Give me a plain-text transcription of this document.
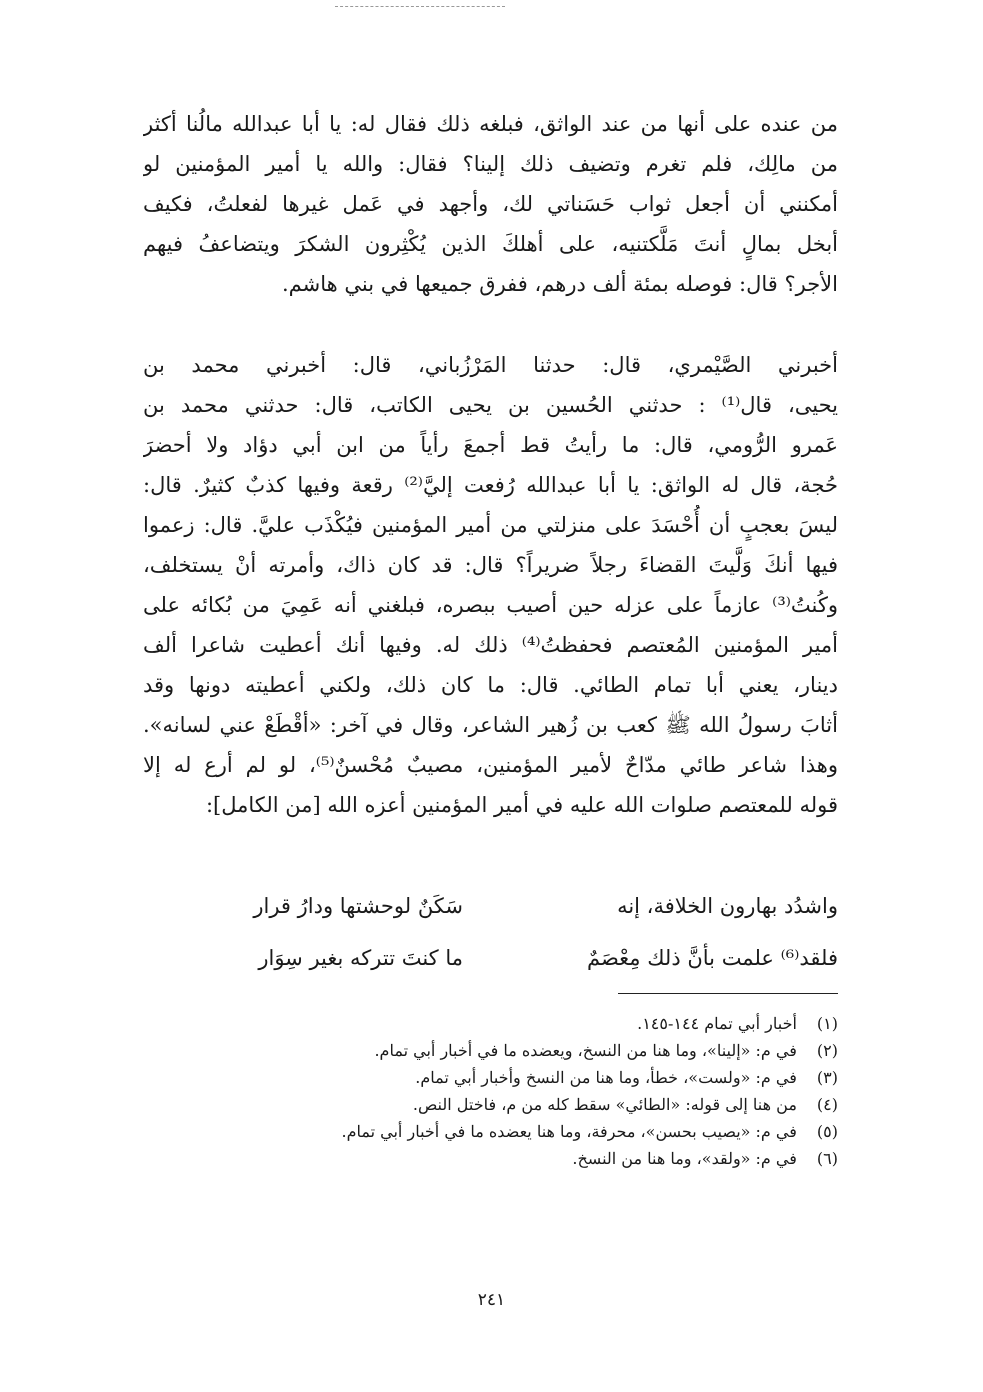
من عنده على أنها من عند الواثق، فبلغه ذلك فقال له: يا أبا عبدالله مالُنا أكثر
من مالِك، فلم تغرم وتضيف ذلك إلينا؟ فقال: والله يا أمير المؤمنين لو
أمكنني أن أجعل ثواب حَسَناتي لك، وأجهد في عَمل غيرها لفعلتُ، فكيف
أبخل بمالٍ أنتَ مَلَّكتنيه، على أهلكَ الذين يُكْثِرون الشكرَ ويتضاعفُ فيهم
الأجر؟ قال: فوصله بمئة ألف درهم، ففرق جميعها في بني هاشم.
أخبرني الصَّيْمري، قال: حدثنا المَرْزُباني، قال: أخبرني محمد بن
يحيى، قال⁽¹⁾ : حدثني الحُسين بن يحيى الكاتب، قال: حدثني محمد بن
عَمرو الرُّومي، قال: ما رأيتُ قط أجمعَ رأياً من ابن أبي دؤاد ولا أحضرَ
حُجة، قال له الواثق: يا أبا عبدالله رُفعت إليَّ⁽²⁾ رقعة وفيها كذبٌ كثيرٌ. قال:
ليسَ بعجبٍ أن أُحْسَدَ على منزلتي من أمير المؤمنين فيُكْذَب عليَّ. قال: زعموا
فيها أنكَ وَلَّيتَ القضاءَ رجلاً ضريراً؟ قال: قد كان ذاك، وأمرته أنْ يستخلف،
وكُنتُ⁽³⁾ عازماً على عزله حين أصيب ببصره، فبلغني أنه عَمِيَ من بُكائه على
أمير المؤمنين المُعتصم فحفظتُ⁽⁴⁾ ذلك له. وفيها أنك أعطيت شاعرا ألف
دينار، يعني أبا تمام الطائي. قال: ما كان ذلك، ولكني أعطيته دونها وقد
أثابَ رسولُ الله ﷺ كعب بن زُهير الشاعر، وقال في آخر: «أقْطَعْ عني لسانه».
وهذا شاعر طائي مدّاحٌ لأمير المؤمنين، مصيبٌ مُحْسنٌ⁽⁵⁾، لو لم أرع له إلا
قوله للمعتصم صلوات الله عليه في أمير المؤمنين أعزه الله [من الكامل]:
واشدُد بهارون الخلافة، إنه
سَكَنٌ لوحشتها ودارُ قرار
فلقد⁽⁶⁾ علمت بأنَّ ذلك مِعْصَمٌ
ما كنتَ تتركه بغير سِوَار
(١) أخبار أبي تمام ١٤٤-١٤٥.
(٢) في م: «إلينا»، وما هنا من النسخ، ويعضده ما في أخبار أبي تمام.
(٣) في م: «ولست»، خطأ، وما هنا من النسخ وأخبار أبي تمام.
(٤) من هنا إلى قوله: «الطائي» سقط كله من م، فاختل النص.
(٥) في م: «يصيب بحسن»، محرفة، وما هنا يعضده ما في أخبار أبي تمام.
(٦) في م: «ولقد»، وما هنا من النسخ.
٢٤١
